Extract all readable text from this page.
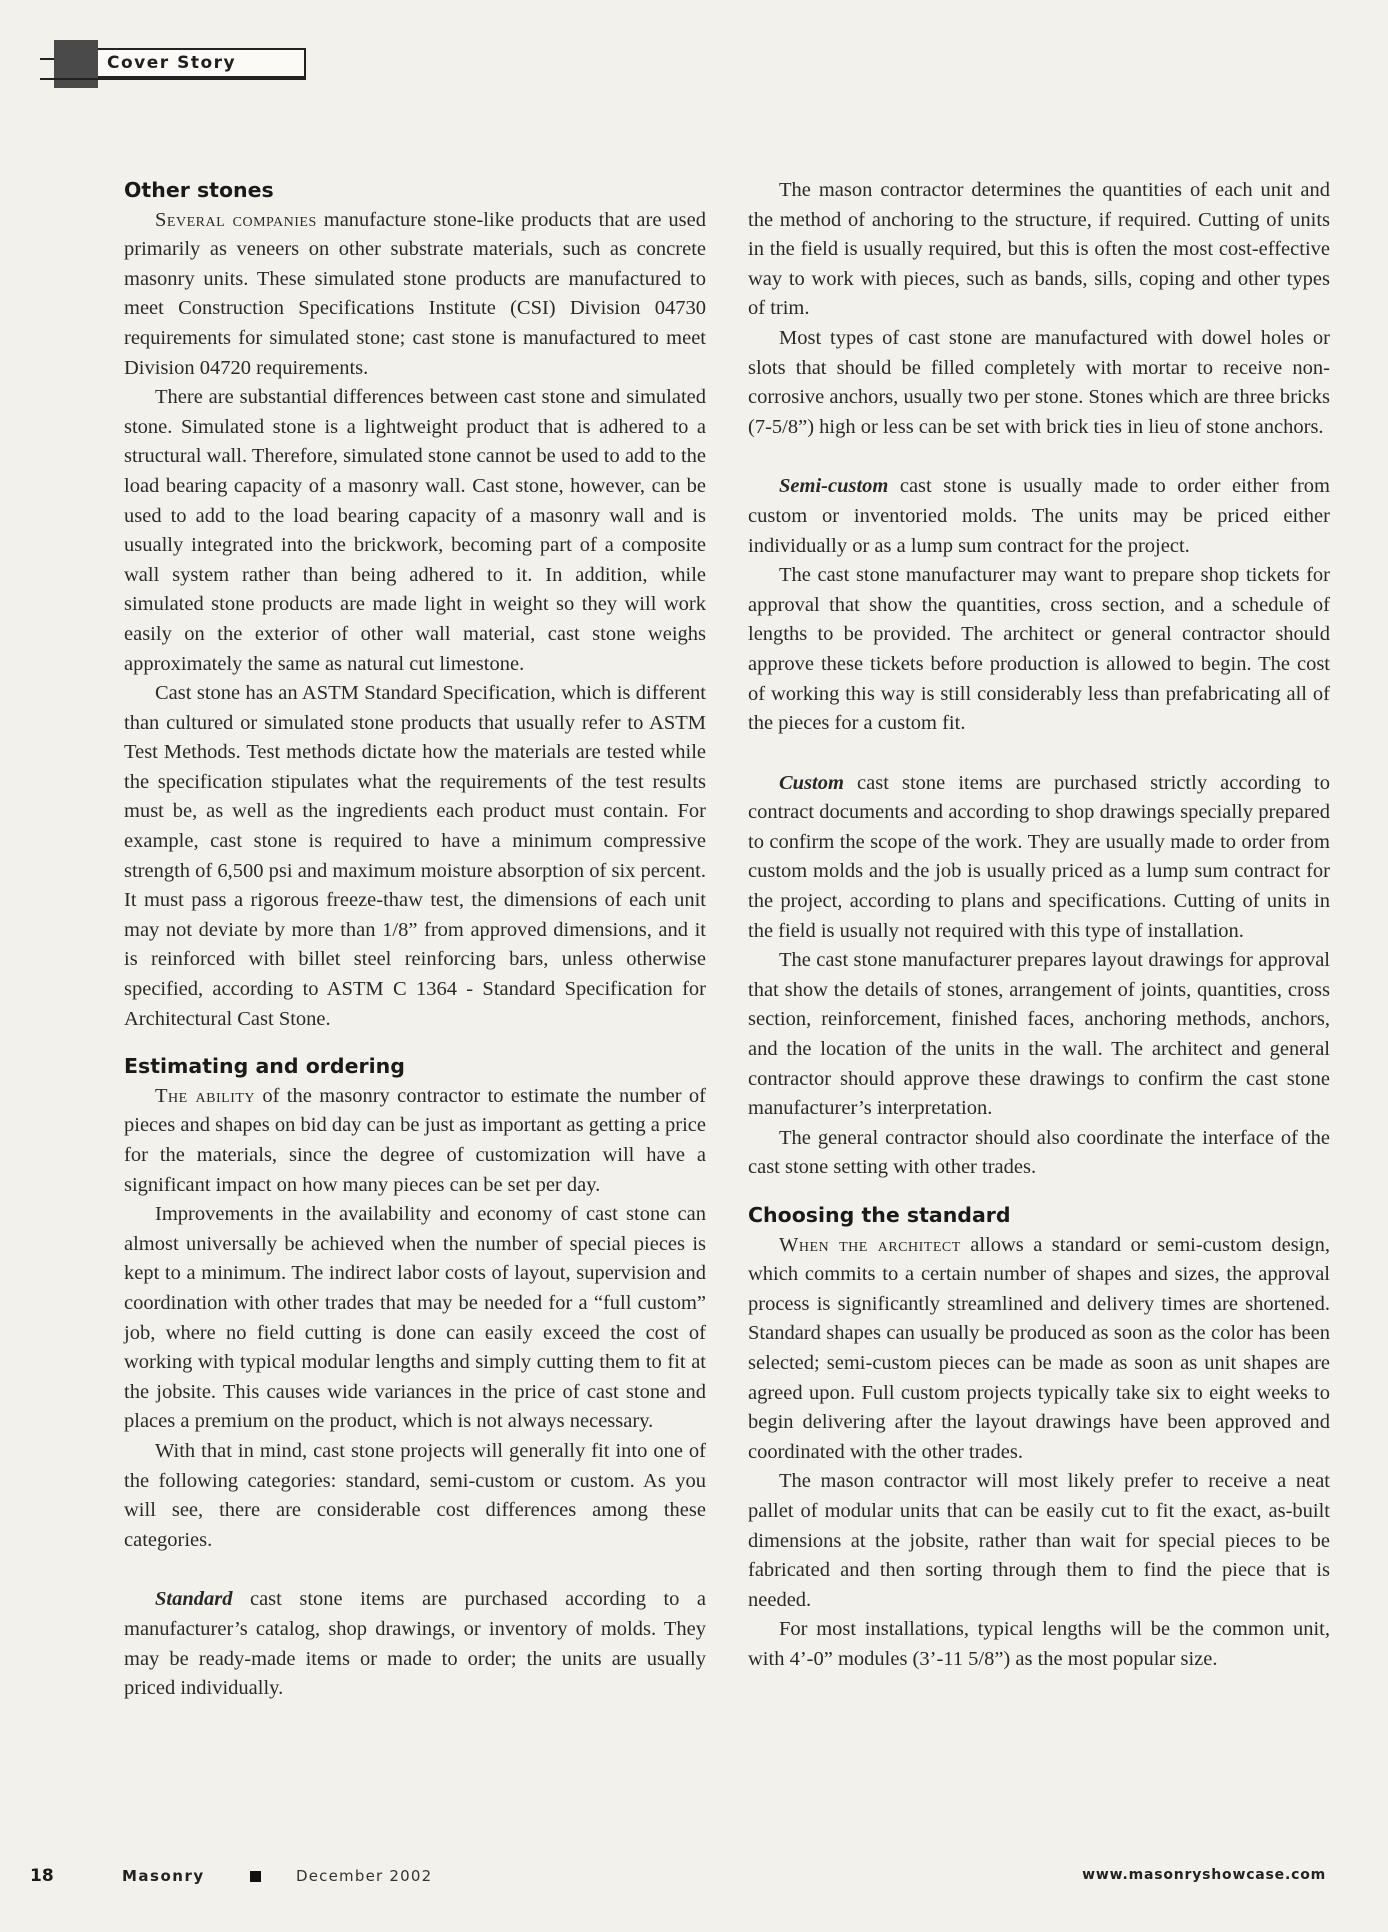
Cover Story
Other stones

Several companies manufacture stone-like products that are used primarily as veneers on other substrate materials, such as concrete masonry units. These simulated stone products are manufactured to meet Construction Specifications Institute (CSI) Division 04730 requirements for simulated stone; cast stone is manufactured to meet Division 04720 requirements.

There are substantial differences between cast stone and simulated stone. Simulated stone is a lightweight product that is adhered to a structural wall. Therefore, simulated stone cannot be used to add to the load bearing capacity of a masonry wall. Cast stone, however, can be used to add to the load bearing capacity of a masonry wall and is usually integrated into the brickwork, becoming part of a composite wall system rather than being adhered to it. In addition, while simulated stone products are made light in weight so they will work easily on the exterior of other wall material, cast stone weighs approximately the same as natural cut limestone.

Cast stone has an ASTM Standard Specification, which is different than cultured or simulated stone products that usually refer to ASTM Test Methods. Test methods dictate how the materials are tested while the specification stipulates what the requirements of the test results must be, as well as the ingredients each product must contain. For example, cast stone is required to have a minimum compressive strength of 6,500 psi and maximum moisture absorption of six percent. It must pass a rigorous freeze-thaw test, the dimensions of each unit may not deviate by more than 1/8” from approved dimensions, and it is reinforced with billet steel reinforcing bars, unless otherwise specified, according to ASTM C 1364 - Standard Specification for Architectural Cast Stone.

Estimating and ordering

The ability of the masonry contractor to estimate the number of pieces and shapes on bid day can be just as important as getting a price for the materials, since the degree of customization will have a significant impact on how many pieces can be set per day.

Improvements in the availability and economy of cast stone can almost universally be achieved when the number of special pieces is kept to a minimum. The indirect labor costs of layout, supervision and coordination with other trades that may be needed for a “full custom” job, where no field cutting is done can easily exceed the cost of working with typical modular lengths and simply cutting them to fit at the jobsite. This causes wide variances in the price of cast stone and places a premium on the product, which is not always necessary.

With that in mind, cast stone projects will generally fit into one of the following categories: standard, semi-custom or custom. As you will see, there are considerable cost differences among these categories.

Standard cast stone items are purchased according to a manufacturer’s catalog, shop drawings, or inventory of molds. They may be ready-made items or made to order; the units are usually priced individually.

The mason contractor determines the quantities of each unit and the method of anchoring to the structure, if required. Cutting of units in the field is usually required, but this is often the most cost-effective way to work with pieces, such as bands, sills, coping and other types of trim.

Most types of cast stone are manufactured with dowel holes or slots that should be filled completely with mortar to receive non-corrosive anchors, usually two per stone. Stones which are three bricks (7-5/8”) high or less can be set with brick ties in lieu of stone anchors.

Semi-custom cast stone is usually made to order either from custom or inventoried molds. The units may be priced either individually or as a lump sum contract for the project.

The cast stone manufacturer may want to prepare shop tickets for approval that show the quantities, cross section, and a schedule of lengths to be provided. The architect or general contractor should approve these tickets before production is allowed to begin. The cost of working this way is still considerably less than prefabricating all of the pieces for a custom fit.

Custom cast stone items are purchased strictly according to contract documents and according to shop drawings specially prepared to confirm the scope of the work. They are usually made to order from custom molds and the job is usually priced as a lump sum contract for the project, according to plans and specifications. Cutting of units in the field is usually not required with this type of installation.

The cast stone manufacturer prepares layout drawings for approval that show the details of stones, arrangement of joints, quantities, cross section, reinforcement, finished faces, anchoring methods, anchors, and the location of the units in the wall. The architect and general contractor should approve these drawings to confirm the cast stone manufacturer’s interpretation.

The general contractor should also coordinate the interface of the cast stone setting with other trades.

Choosing the standard

When the architect allows a standard or semi-custom design, which commits to a certain number of shapes and sizes, the approval process is significantly streamlined and delivery times are shortened. Standard shapes can usually be produced as soon as the color has been selected; semi-custom pieces can be made as soon as unit shapes are agreed upon. Full custom projects typically take six to eight weeks to begin delivering after the layout drawings have been approved and coordinated with the other trades.

The mason contractor will most likely prefer to receive a neat pallet of modular units that can be easily cut to fit the exact, as-built dimensions at the jobsite, rather than wait for special pieces to be fabricated and then sorting through them to find the piece that is needed.

For most installations, typical lengths will be the common unit, with 4’-0” modules (3’-11 5/8”) as the most popular size.

18	Masonry	December 2002	www.masonryshowcase.com
